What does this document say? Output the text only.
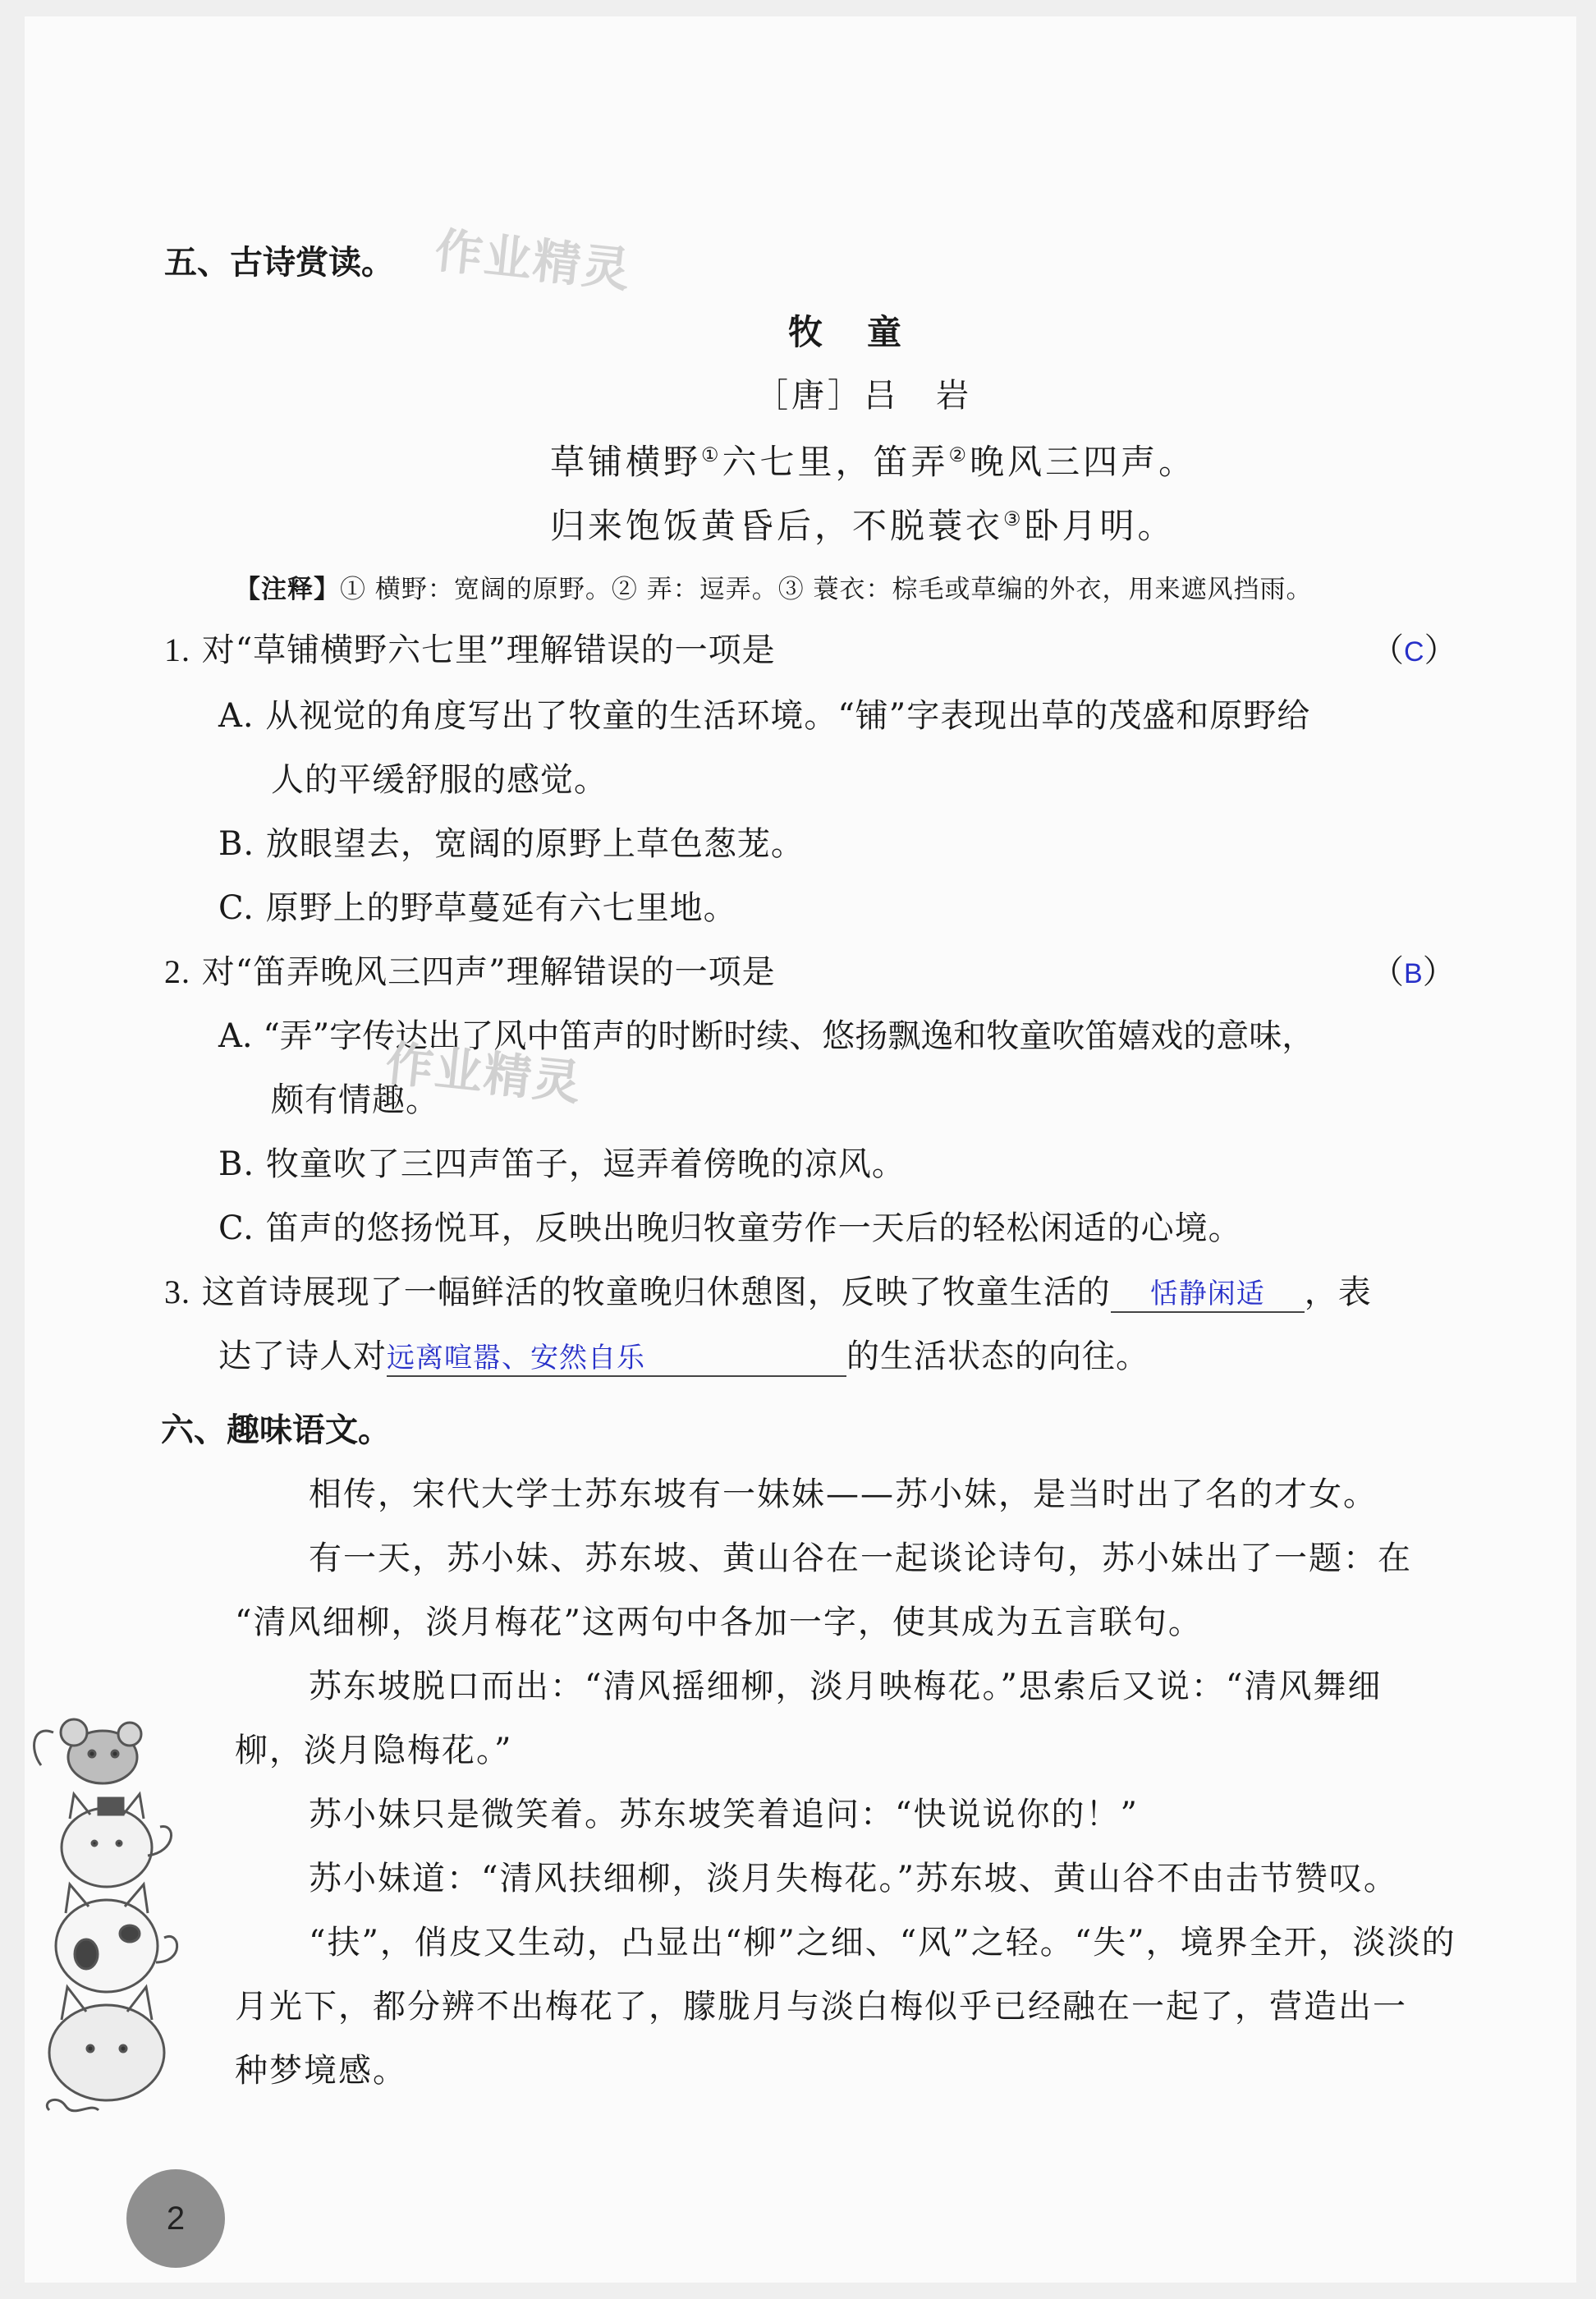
五、古诗赏读。 作业精灵
牧　童
［唐］吕　岩
草铺横野①六七里，笛弄②晚风三四声。
归来饱饭黄昏后，不脱蓑衣③卧月明。
【注释】① 横野：宽阔的原野。② 弄：逗弄。③ 蓑衣：棕毛或草编的外衣，用来遮风挡雨。
1. 对“草铺横野六七里”理解错误的一项是	（C）
A. 从视觉的角度写出了牧童的生活环境。“铺”字表现出草的茂盛和原野给
人的平缓舒服的感觉。
B. 放眼望去，宽阔的原野上草色葱茏。
C. 原野上的野草蔓延有六七里地。
2. 对“笛弄晚风三四声”理解错误的一项是	（B）
A. “弄”字传达出了风中笛声的时断时续、悠扬飘逸和牧童吹笛嬉戏的意味，
作业精灵
颇有情趣。
B. 牧童吹了三四声笛子，逗弄着傍晚的凉风。
C. 笛声的悠扬悦耳，反映出晚归牧童劳作一天后的轻松闲适的心境。
3. 这首诗展现了一幅鲜活的牧童晚归休憩图，反映了牧童生活的 恬静闲适 ，表
达了诗人对远离喧嚣、安然自乐	的生活状态的向往。
六、趣味语文。
相传，宋代大学士苏东坡有一妹妹——苏小妹，是当时出了名的才女。
有一天，苏小妹、苏东坡、黄山谷在一起谈论诗句，苏小妹出了一题：在
“清风细柳，淡月梅花”这两句中各加一字，使其成为五言联句。
苏东坡脱口而出：“清风摇细柳，淡月映梅花。”思索后又说：“清风舞细
柳，淡月隐梅花。”
苏小妹只是微笑着。苏东坡笑着追问：“快说说你的！”
苏小妹道：“清风扶细柳，淡月失梅花。”苏东坡、黄山谷不由击节赞叹。
“扶”，俏皮又生动，凸显出“柳”之细、“风”之轻。“失”，境界全开，淡淡的
月光下，都分辨不出梅花了，朦胧月与淡白梅似乎已经融在一起了，营造出一
种梦境感。
2
